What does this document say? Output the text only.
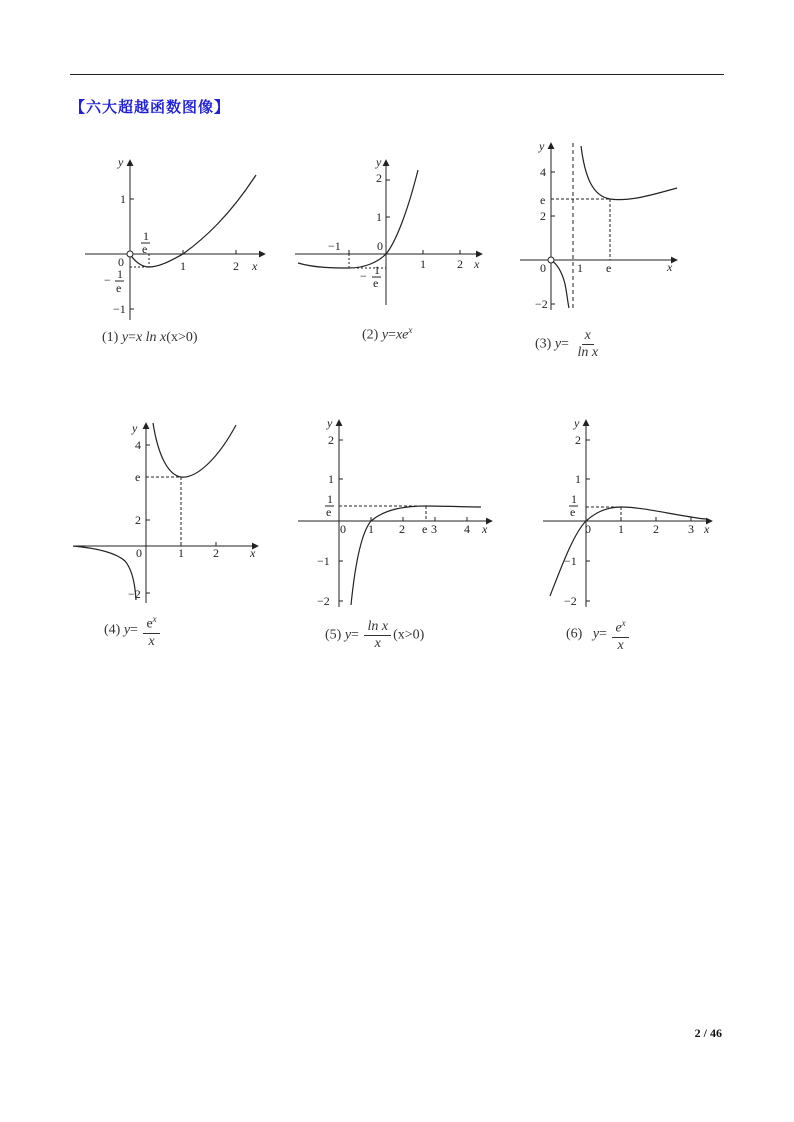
【六大超越函数图像】
y
x
0	1	2
1
−1
1
e
− 1
e
(1) y=x ln x(x>0)
y
x
0
1	2
−1
1
2
− 1
e
(2) $y=xe^x$
y
x
0	1 e
4
e
2
−2
(3) $y= \frac{x}{\text{ln x}}$
y
x
0	1 2
4
e
2
−2
(4) $y= \frac{e^x}{x}$
y
x
0 1 2 e 3 4
2
1
1
e
−1
−2
(5) $y= \frac{\text{ln x}}{x} (x>0)$
y
x
0 1 2 3
2
1
1
e
−1
−2
(6) $y= \frac{e^x}{x}$
2 / 46
